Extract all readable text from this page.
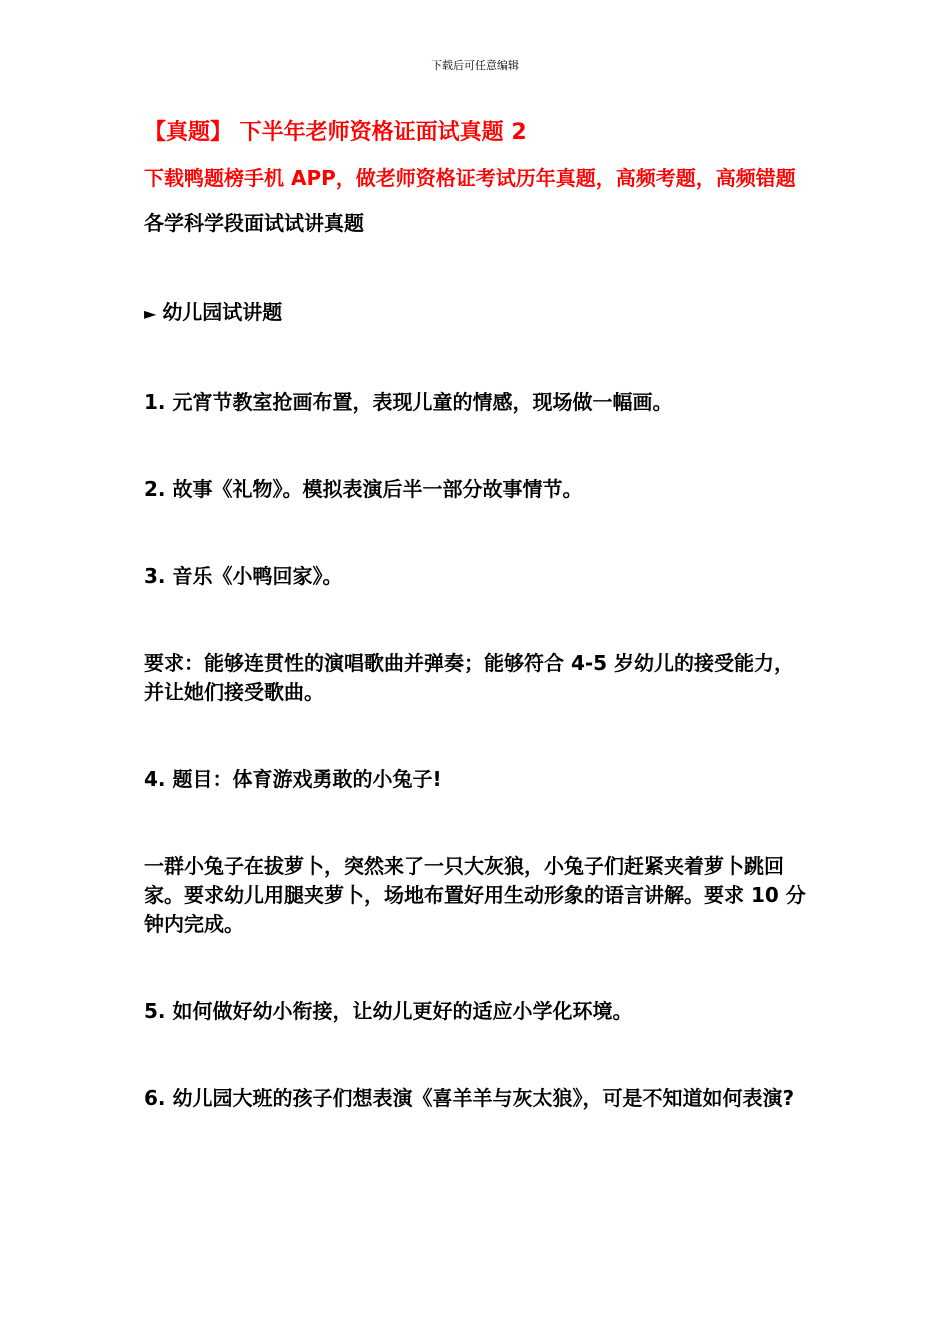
下载后可任意编辑

【真题】 下半年老师资格证面试真题 2

下载鸭题榜手机 APP，做老师资格证考试历年真题，高频考题，高频错题

各学科学段面试试讲真题

► 幼儿园试讲题

1. 元宵节教室抢画布置，表现儿童的情感，现场做一幅画。

2. 故事《礼物》。模拟表演后半一部分故事情节。

3. 音乐《小鸭回家》。

要求：能够连贯性的演唱歌曲并弹奏；能够符合 4-5 岁幼儿的接受能力，并让她们接受歌曲。

4. 题目：体育游戏勇敢的小兔子!

一群小兔子在拔萝卜，突然来了一只大灰狼，小兔子们赶紧夹着萝卜跳回家。要求幼儿用腿夹萝卜，场地布置好用生动形象的语言讲解。要求 10 分钟内完成。

5. 如何做好幼小衔接，让幼儿更好的适应小学化环境。

6. 幼儿园大班的孩子们想表演《喜羊羊与灰太狼》，可是不知道如何表演?
